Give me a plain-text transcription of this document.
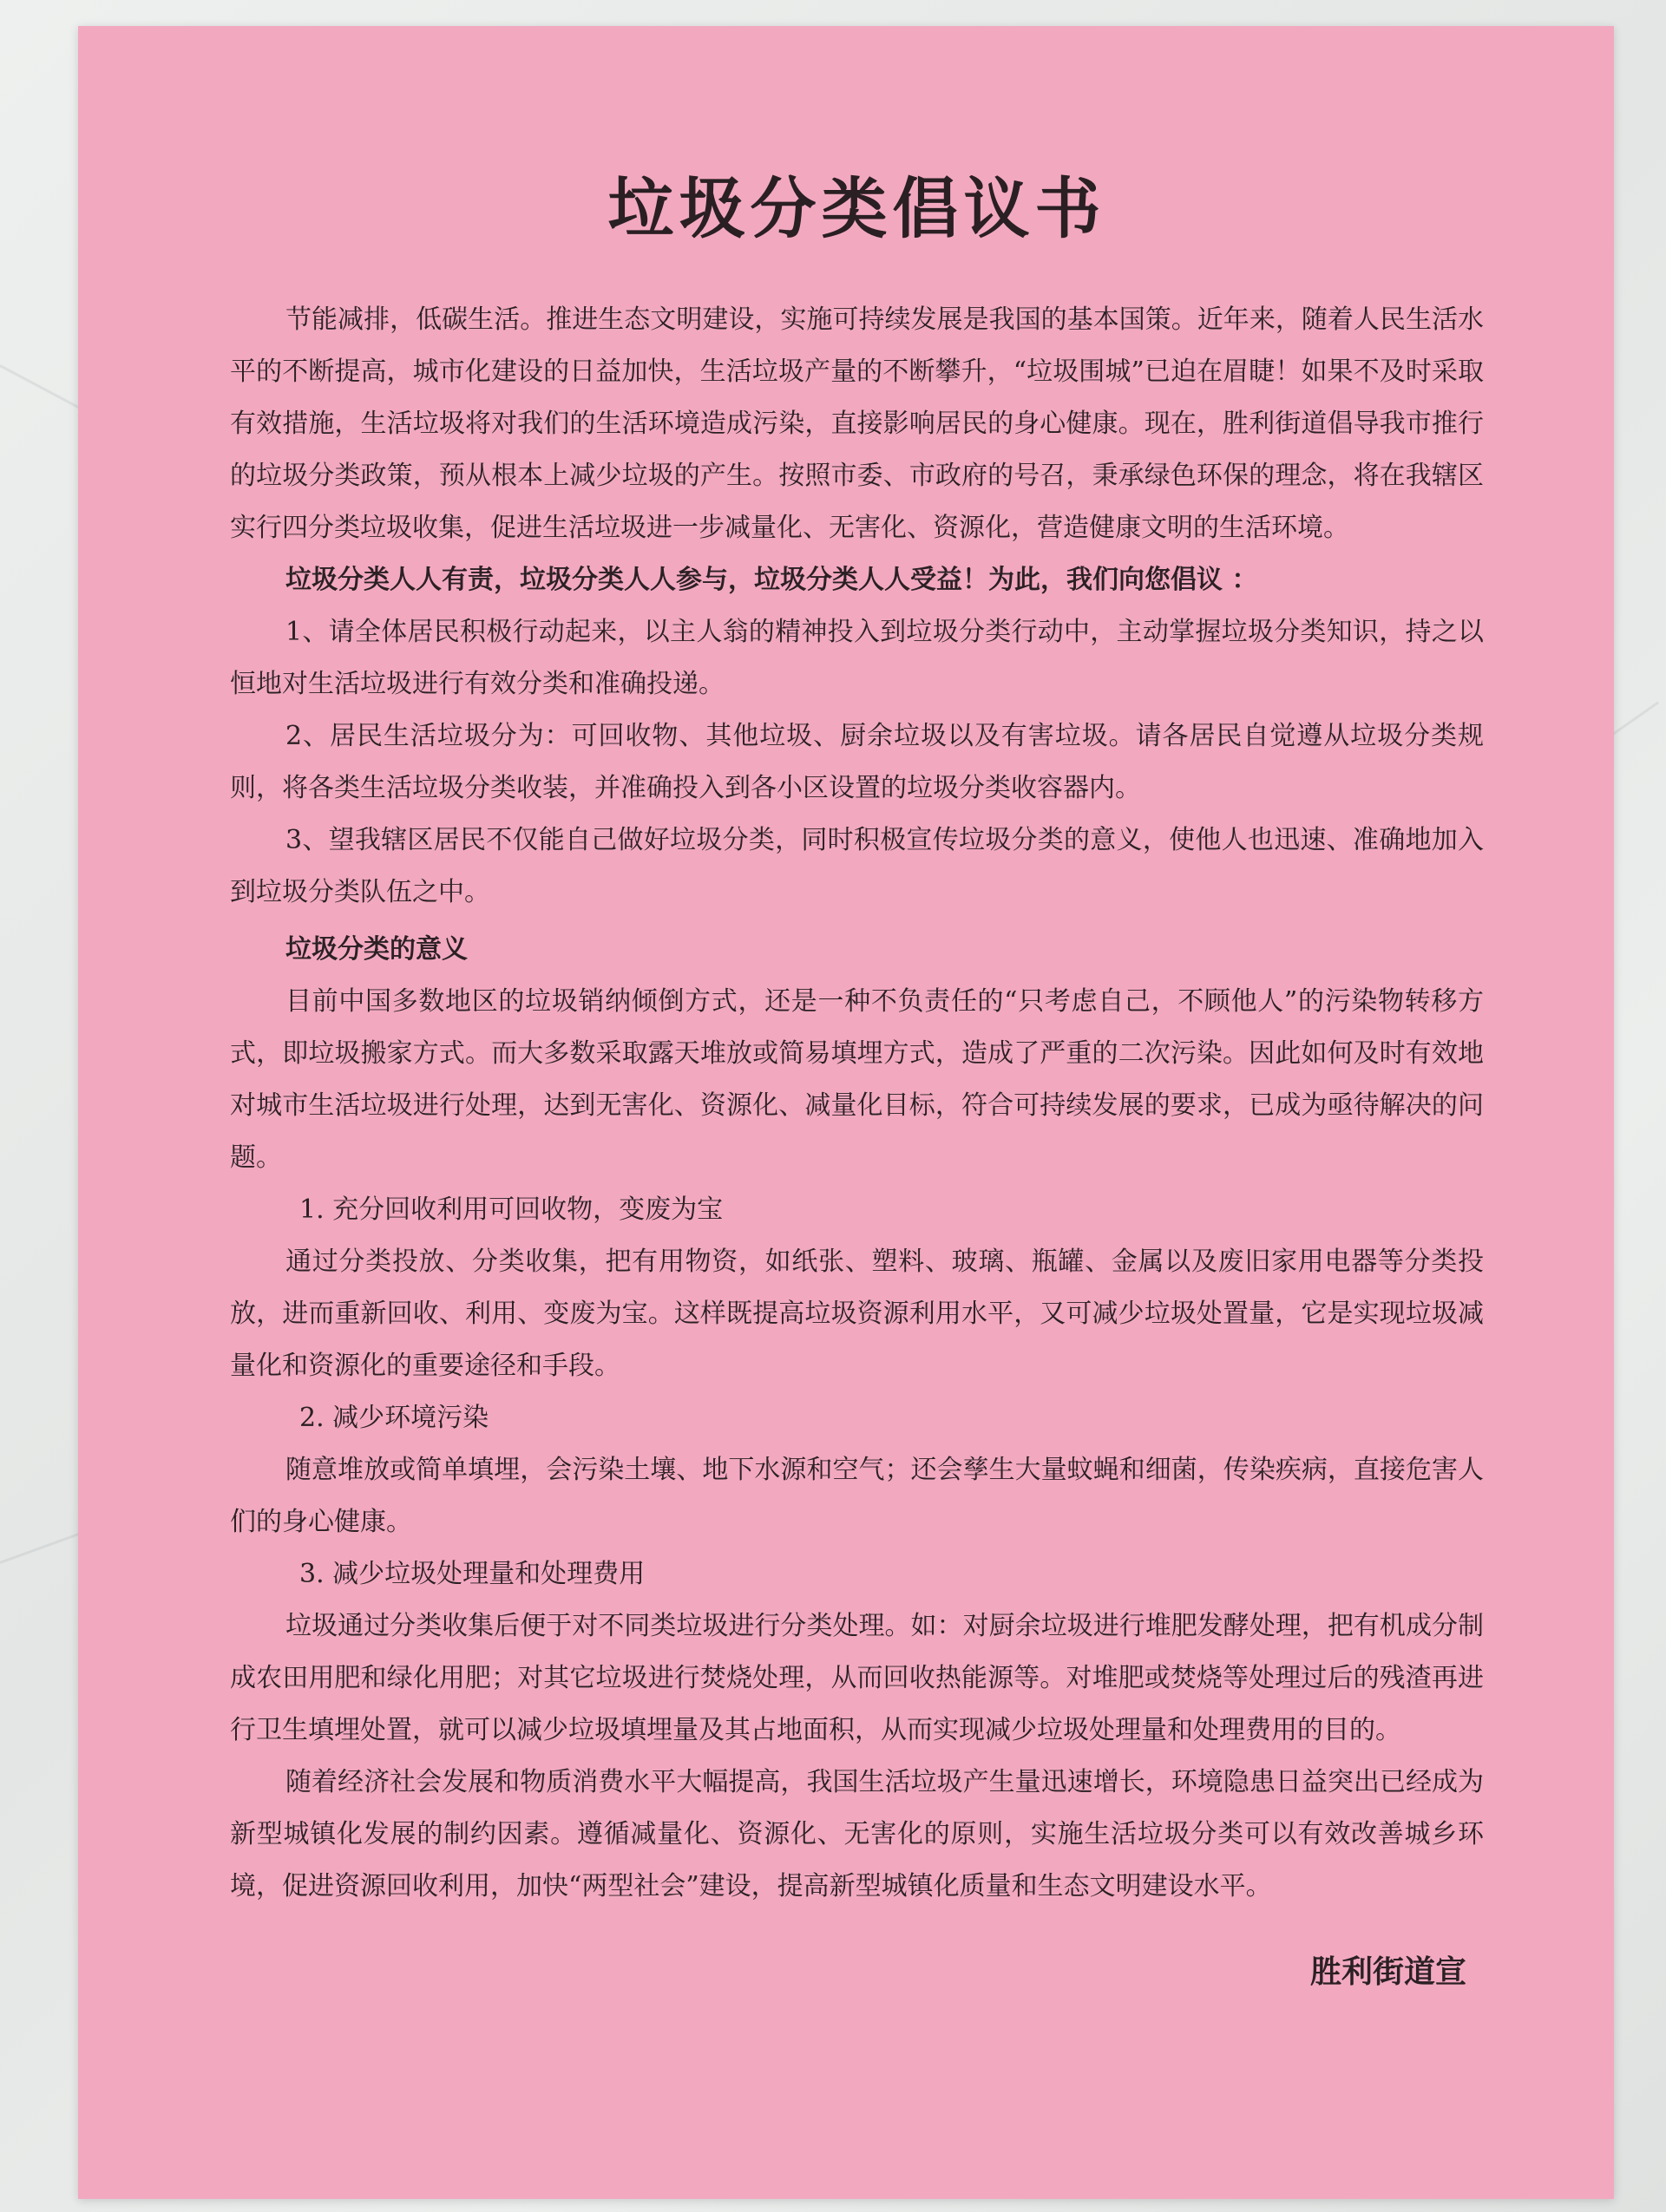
垃圾分类倡议书

节能减排，低碳生活。推进生态文明建设，实施可持续发展是我国的基本国策。近年来，随着人民生活水平的不断提高，城市化建设的日益加快，生活垃圾产量的不断攀升，“垃圾围城”已迫在眉睫！如果不及时采取有效措施，生活垃圾将对我们的生活环境造成污染，直接影响居民的身心健康。现在，胜利街道倡导我市推行的垃圾分类政策，预从根本上减少垃圾的产生。按照市委、市政府的号召，秉承绿色环保的理念，将在我辖区实行四分类垃圾收集，促进生活垃圾进一步减量化、无害化、资源化，营造健康文明的生活环境。

垃圾分类人人有责，垃圾分类人人参与，垃圾分类人人受益！为此，我们向您倡议 ：

1、请全体居民积极行动起来，以主人翁的精神投入到垃圾分类行动中，主动掌握垃圾分类知识，持之以恒地对生活垃圾进行有效分类和准确投递。

2、居民生活垃圾分为：可回收物、其他垃圾、厨余垃圾以及有害垃圾。请各居民自觉遵从垃圾分类规则，将各类生活垃圾分类收装，并准确投入到各小区设置的垃圾分类收容器内。

3、望我辖区居民不仅能自己做好垃圾分类，同时积极宣传垃圾分类的意义，使他人也迅速、准确地加入到垃圾分类队伍之中。

垃圾分类的意义

目前中国多数地区的垃圾销纳倾倒方式，还是一种不负责任的“只考虑自己，不顾他人”的污染物转移方式，即垃圾搬家方式。而大多数采取露天堆放或简易填埋方式，造成了严重的二次污染。因此如何及时有效地对城市生活垃圾进行处理，达到无害化、资源化、减量化目标，符合可持续发展的要求，已成为亟待解决的问题。

1. 充分回收利用可回收物，变废为宝

通过分类投放、分类收集，把有用物资，如纸张、塑料、玻璃、瓶罐、金属以及废旧家用电器等分类投放，进而重新回收、利用、变废为宝。这样既提高垃圾资源利用水平，又可减少垃圾处置量，它是实现垃圾减量化和资源化的重要途径和手段。

2. 减少环境污染

随意堆放或简单填埋，会污染土壤、地下水源和空气；还会孳生大量蚊蝇和细菌，传染疾病，直接危害人们的身心健康。

3. 减少垃圾处理量和处理费用

垃圾通过分类收集后便于对不同类垃圾进行分类处理。如：对厨余垃圾进行堆肥发酵处理，把有机成分制成农田用肥和绿化用肥；对其它垃圾进行焚烧处理，从而回收热能源等。对堆肥或焚烧等处理过后的残渣再进行卫生填埋处置，就可以减少垃圾填埋量及其占地面积，从而实现减少垃圾处理量和处理费用的目的。

随着经济社会发展和物质消费水平大幅提高，我国生活垃圾产生量迅速增长，环境隐患日益突出已经成为新型城镇化发展的制约因素。遵循减量化、资源化、无害化的原则，实施生活垃圾分类可以有效改善城乡环境，促进资源回收利用，加快“两型社会”建设，提高新型城镇化质量和生态文明建设水平。

胜利街道宣
